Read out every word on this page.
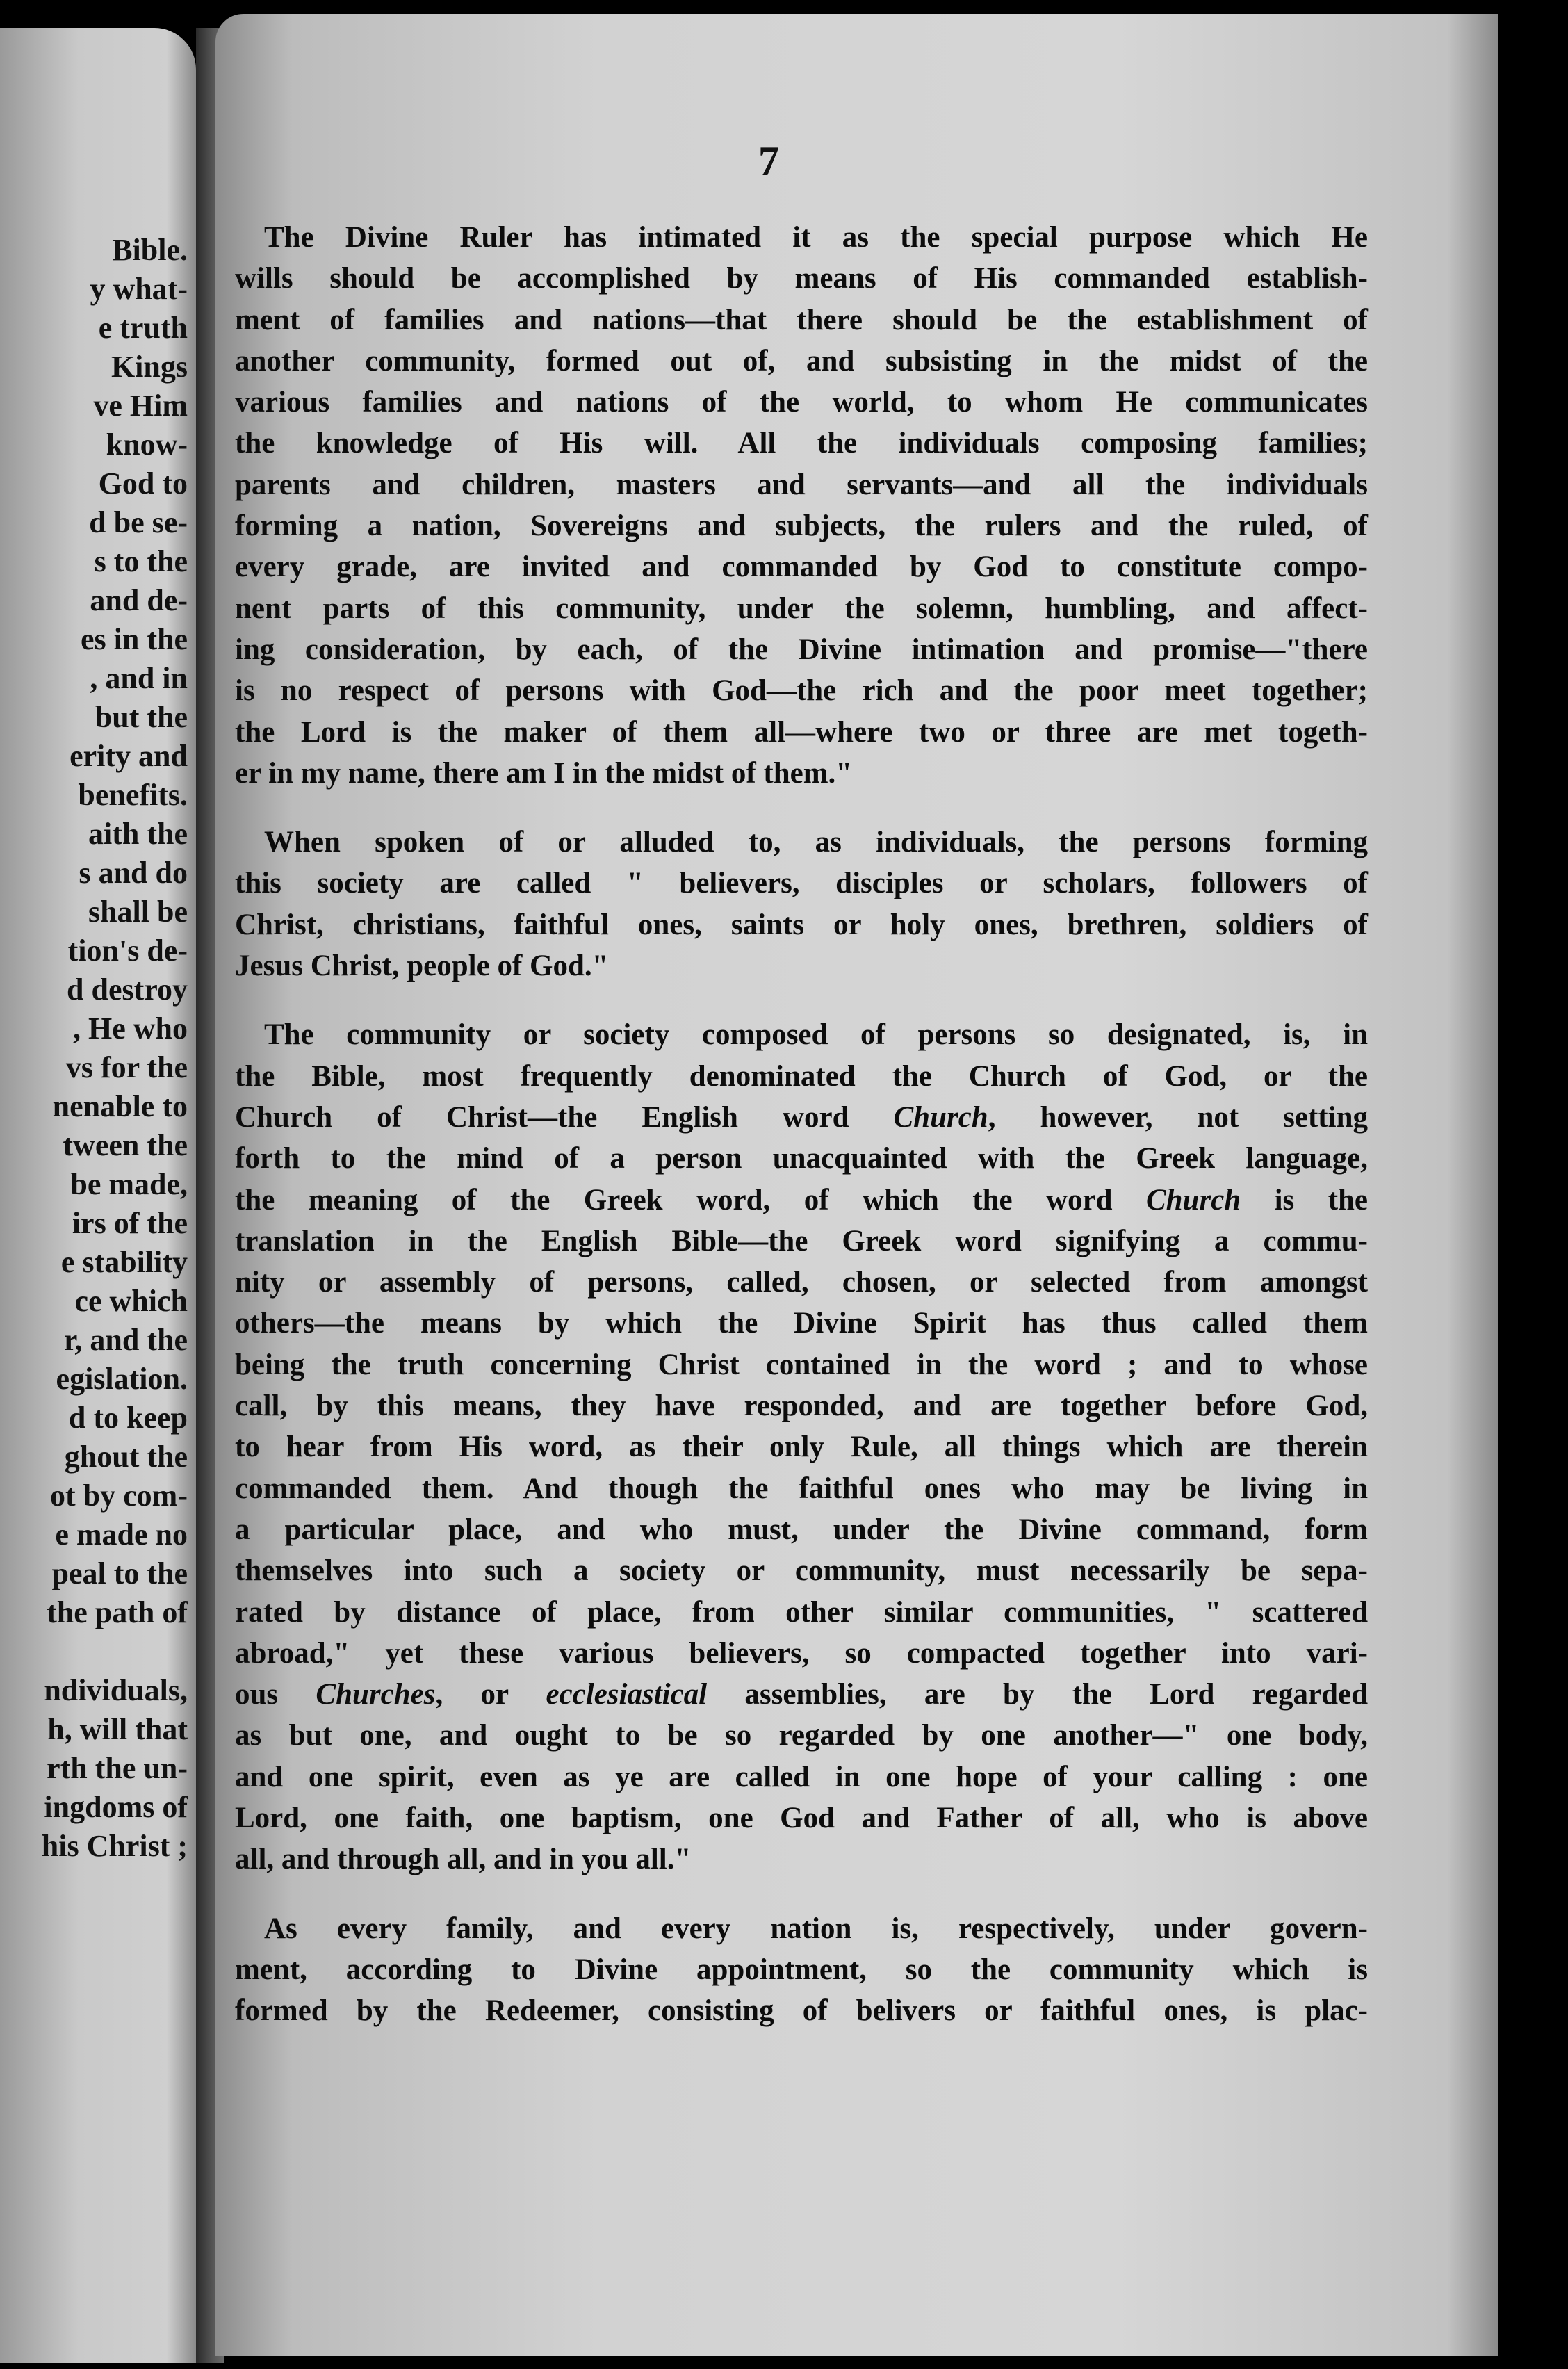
Bible.
y what-
e truth
Kings
ve Him
know-
God to
d be se-
s to the
and de-
es in the
, and in
but the
erity and
benefits.
aith the
s and do
shall be
tion's de-
d destroy
, He who
vs for the
nenable to
tween the
be made,
irs of the
e stability
ce which
r, and the
egislation.
d to keep
ghout the
ot by com-
e made no
peal to the
the path of
ndividuals,
h, will that
rth the un-
ingdoms of
his Christ ;
7
The Divine Ruler has intimated it as the special purpose which He
wills should be accomplished by means of His commanded establish-
ment of families and nations—that there should be the establishment of
another community, formed out of, and subsisting in the midst of the
various families and nations of the world, to whom He communicates
the knowledge of His will. All the individuals composing families;
parents and children, masters and servants—and all the individuals
forming a nation, Sovereigns and subjects, the rulers and the ruled, of
every grade, are invited and commanded by God to constitute compo-
nent parts of this community, under the solemn, humbling, and affect-
ing consideration, by each, of the Divine intimation and promise—"there
is no respect of persons with God—the rich and the poor meet together;
the Lord is the maker of them all—where two or three are met togeth-
er in my name, there am I in the midst of them."
When spoken of or alluded to, as individuals, the persons forming
this society are called " believers, disciples or scholars, followers of
Christ, christians, faithful ones, saints or holy ones, brethren, soldiers of
Jesus Christ, people of God."
The community or society composed of persons so designated, is, in
the Bible, most frequently denominated the Church of God, or the
Church of Christ—the English word Church, however, not setting
forth to the mind of a person unacquainted with the Greek language,
the meaning of the Greek word, of which the word Church is the
translation in the English Bible—the Greek word signifying a commu-
nity or assembly of persons, called, chosen, or selected from amongst
others—the means by which the Divine Spirit has thus called them
being the truth concerning Christ contained in the word ; and to whose
call, by this means, they have responded, and are together before God,
to hear from His word, as their only Rule, all things which are therein
commanded them. And though the faithful ones who may be living in
a particular place, and who must, under the Divine command, form
themselves into such a society or community, must necessarily be sepa-
rated by distance of place, from other similar communities, " scattered
abroad," yet these various believers, so compacted together into vari-
ous Churches, or ecclesiastical assemblies, are by the Lord regarded
as but one, and ought to be so regarded by one another—" one body,
and one spirit, even as ye are called in one hope of your calling : one
Lord, one faith, one baptism, one God and Father of all, who is above
all, and through all, and in you all."
As every family, and every nation is, respectively, under govern-
ment, according to Divine appointment, so the community which is
formed by the Redeemer, consisting of belivers or faithful ones, is plac-
